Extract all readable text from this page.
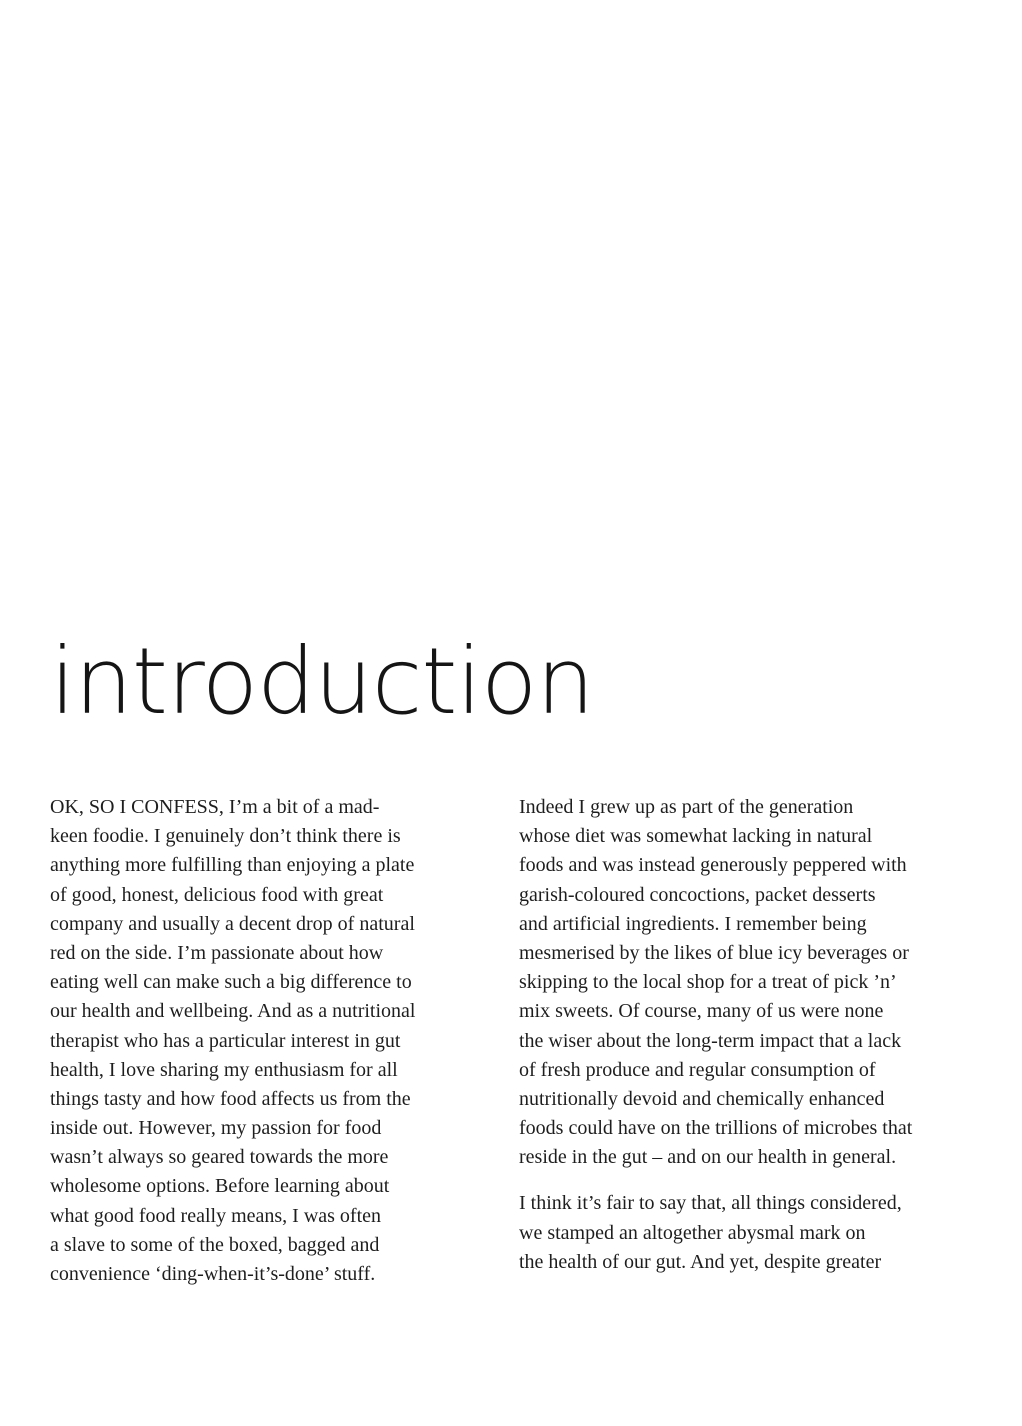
introduction
OK, SO I CONFESS, I’m a bit of a mad-
keen foodie. I genuinely don’t think there is
anything more fulfilling than enjoying a plate
of good, honest, delicious food with great
company and usually a decent drop of natural
red on the side. I’m passionate about how
eating well can make such a big difference to
our health and wellbeing. And as a nutritional
therapist who has a particular interest in gut
health, I love sharing my enthusiasm for all
things tasty and how food affects us from the
inside out. However, my passion for food
wasn’t always so geared towards the more
wholesome options. Before learning about
what good food really means, I was often
a slave to some of the boxed, bagged and
convenience ‘ding-when-it’s-done’ stuff.
Indeed I grew up as part of the generation
whose diet was somewhat lacking in natural
foods and was instead generously peppered with
garish-coloured concoctions, packet desserts
and artificial ingredients. I remember being
mesmerised by the likes of blue icy beverages or
skipping to the local shop for a treat of pick ’n’
mix sweets. Of course, many of us were none
the wiser about the long-term impact that a lack
of fresh produce and regular consumption of
nutritionally devoid and chemically enhanced
foods could have on the trillions of microbes that
reside in the gut – and on our health in general.
I think it’s fair to say that, all things considered,
we stamped an altogether abysmal mark on
the health of our gut. And yet, despite greater
